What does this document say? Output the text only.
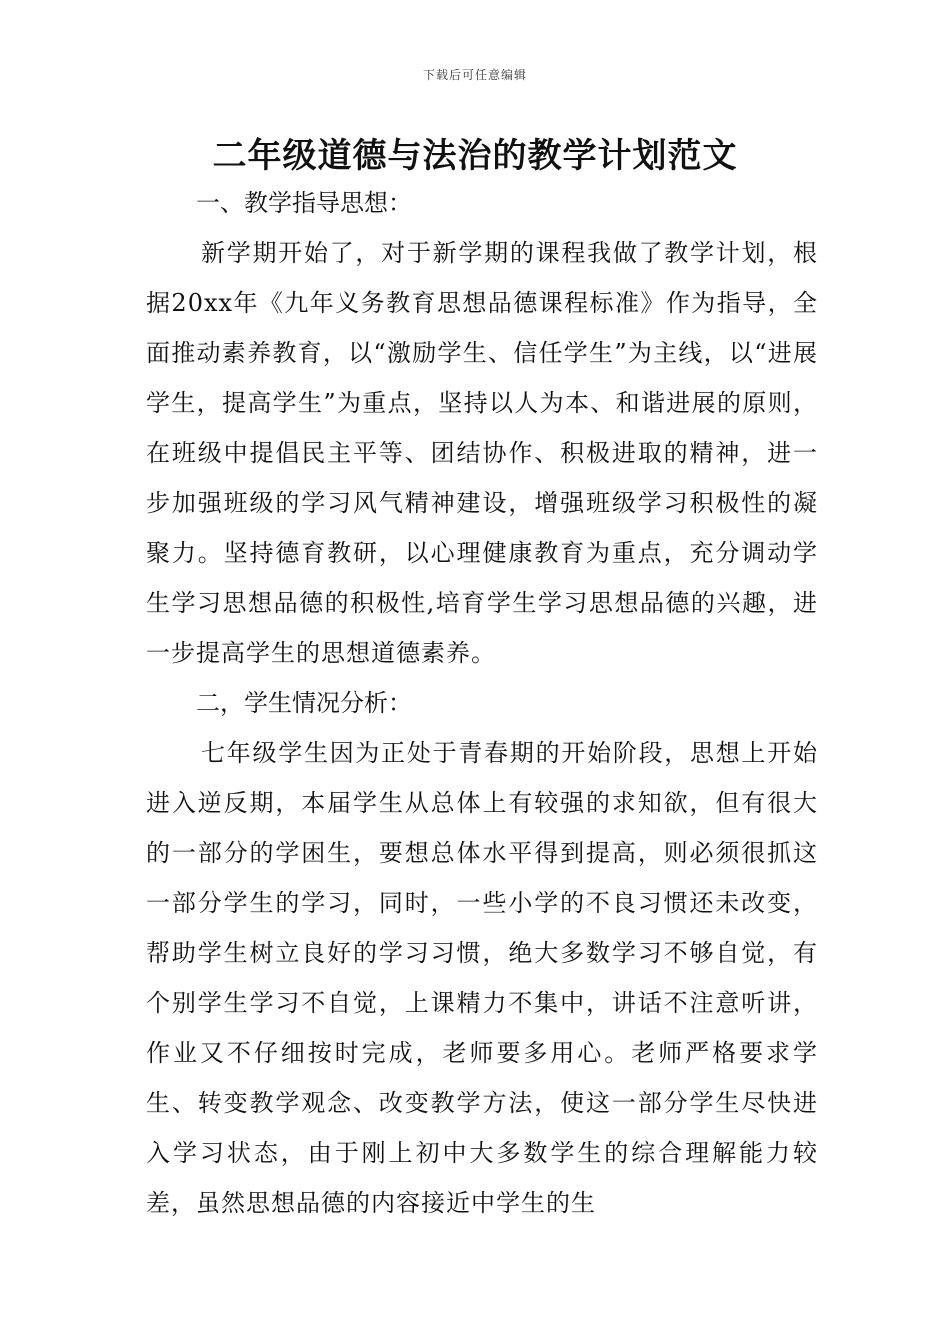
下载后可任意编辑
二年级道德与法治的教学计划范文

一、教学指导思想：

新学期开始了，对于新学期的课程我做了教学计划，根据20xx年《九年义务教育思想品德课程标准》作为指导，全面推动素养教育，以“激励学生、信任学生”为主线，以“进展学生，提高学生”为重点，坚持以人为本、和谐进展的原则，在班级中提倡民主平等、团结协作、积极进取的精神，进一步加强班级的学习风气精神建设，增强班级学习积极性的凝聚力。坚持德育教研，以心理健康教育为重点，充分调动学生学习思想品德的积极性,培育学生学习思想品德的兴趣，进一步提高学生的思想道德素养。

二，学生情况分析：

七年级学生因为正处于青春期的开始阶段，思想上开始进入逆反期，本届学生从总体上有较强的求知欲，但有很大的一部分的学困生，要想总体水平得到提高，则必须很抓这一部分学生的学习，同时，一些小学的不良习惯还未改变，帮助学生树立良好的学习习惯，绝大多数学习不够自觉，有个别学生学习不自觉，上课精力不集中，讲话不注意听讲，作业又不仔细按时完成，老师要多用心。老师严格要求学生、转变教学观念、改变教学方法，使这一部分学生尽快进入学习状态，由于刚上初中大多数学生的综合理解能力较差，虽然思想品德的内容接近中学生的生
